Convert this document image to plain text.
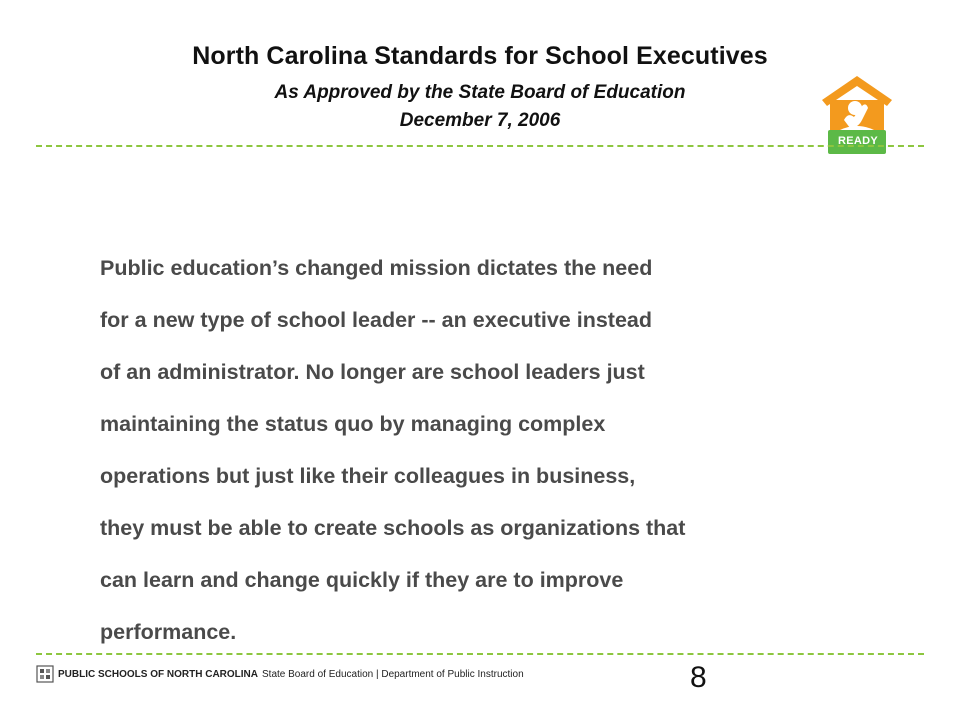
North Carolina Standards for School Executives
As Approved by the State Board of Education
December 7, 2006
READY
Public education’s changed mission dictates the need
for a new type of school leader -- an executive instead
of an administrator. No longer are school leaders just
maintaining the status quo by managing complex
operations but just like their colleagues in business,
they must be able to create schools as organizations that
can learn and change quickly if they are to improve
performance.
PUBLIC SCHOOLS OF NORTH CAROLINA State Board of Education | Department of Public Instruction	8
